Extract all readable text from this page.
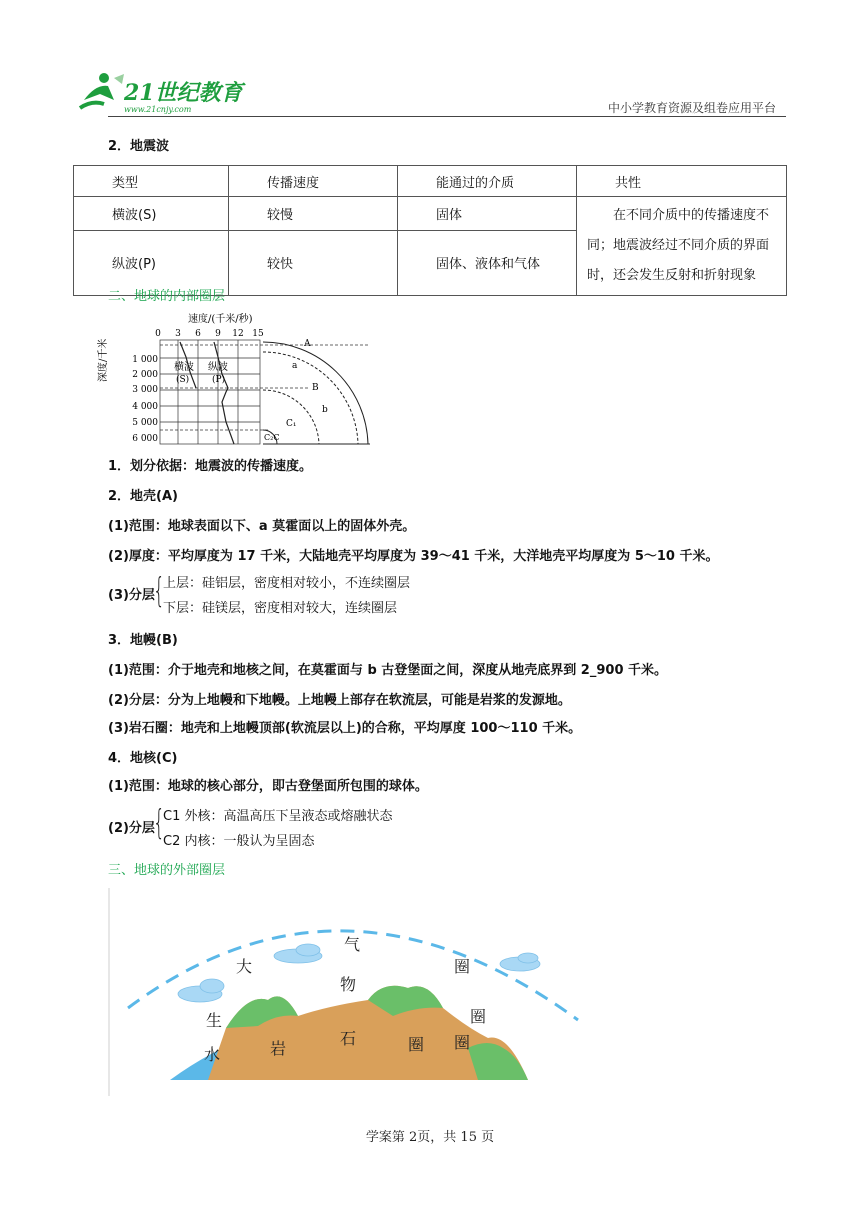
21世纪教育
www.21cnjy.com	中小学教育资源及组卷应用平台
2．地震波
类型	传播速度	能通过的介质	共性
横波(S)	较慢	固体	在不同介质中的传播速度不同；地震波经过不同介质的界面时，还会发生反射和折射现象
纵波(P)	较快	固体、液体和气体	
二、地球的内部圈层
速度/(千米/秒)
0 3 6 9 12 15
深度/千米	1 000
2 000
3 000
4 000
5 000
6 000
横波
(S)
纵波
(P)
A
a
B
b
C₁
C₂C
1．划分依据：地震波的传播速度。
2．地壳(A)
(1)范围：地球表面以下、a 莫霍面以上的固体外壳。
(2)厚度：平均厚度为 17 千米，大陆地壳平均厚度为 39～41 千米，大洋地壳平均厚度为 5～10 千米。
(3)分层
{
上层：硅铝层，密度相对较小，不连续圈层
下层：硅镁层，密度相对较大，连续圈层
3．地幔(B)
(1)范围：介于地壳和地核之间，在莫霍面与 b 古登堡面之间，深度从地壳底界到 2_900 千米。
(2)分层：分为上地幔和下地幔。上地幔上部存在软流层，可能是岩浆的发源地。
(3)岩石圈：地壳和上地幔顶部(软流层以上)的合称，平均厚度 100～110 千米。
4．地核(C)
(1)范围：地球的核心部分，即古登堡面所包围的球体。
(2)分层
{
C1 外核：高温高压下呈液态或熔融状态
C2 内核：一般认为呈固态
三、地球的外部圈层
大
气
圈
生
物
圈
水
圈
岩
石	圈
学案第 2页，共 15 页
